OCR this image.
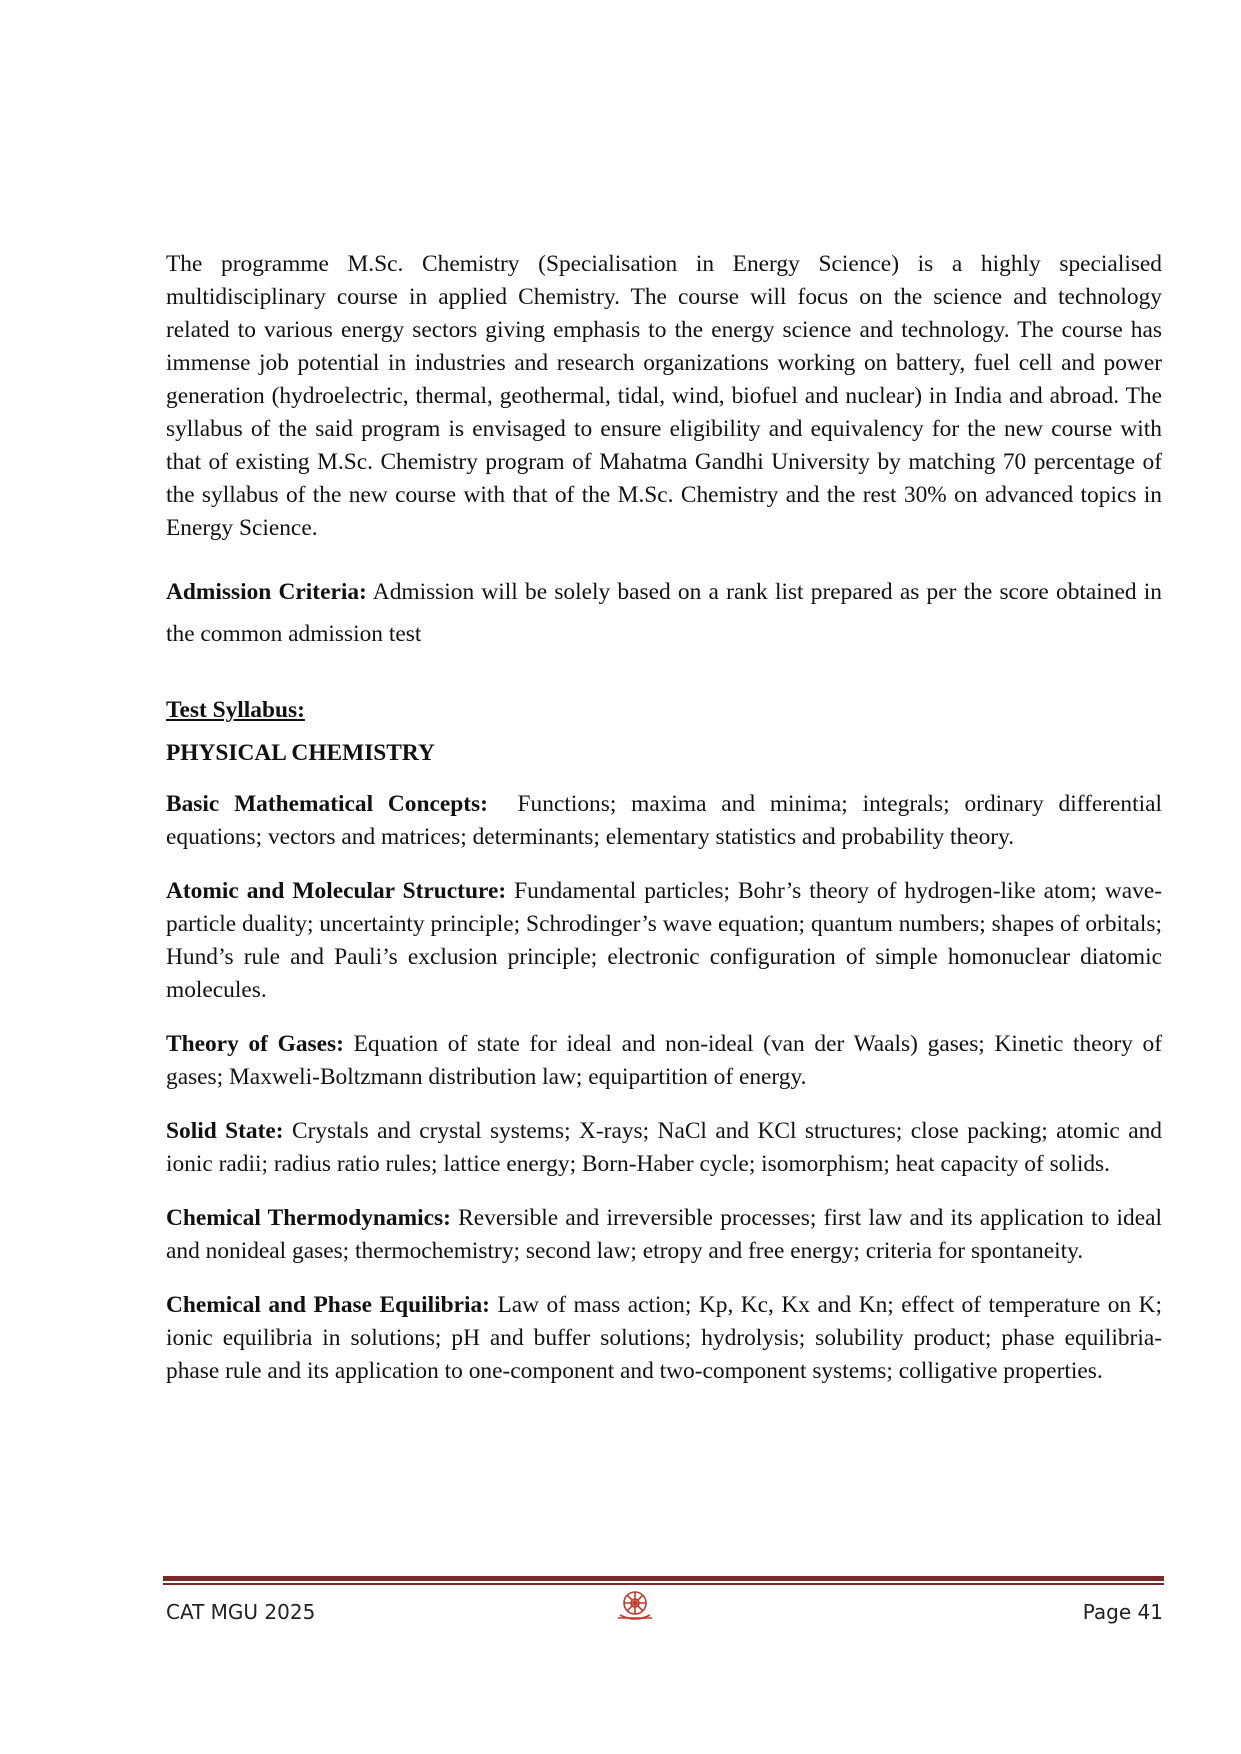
The programme M.Sc. Chemistry (Specialisation in Energy Science) is a highly specialised multidisciplinary course in applied Chemistry. The course will focus on the science and technology related to various energy sectors giving emphasis to the energy science and technology. The course has immense job potential in industries and research organizations working on battery, fuel cell and power generation (hydroelectric, thermal, geothermal, tidal, wind, biofuel and nuclear) in India and abroad. The syllabus of the said program is envisaged to ensure eligibility and equivalency for the new course with that of existing M.Sc. Chemistry program of Mahatma Gandhi University by matching 70 percentage of the syllabus of the new course with that of the M.Sc. Chemistry and the rest 30% on advanced topics in Energy Science.

Admission Criteria: Admission will be solely based on a rank list prepared as per the score obtained in the common admission test

Test Syllabus:

PHYSICAL CHEMISTRY

Basic Mathematical Concepts: Functions; maxima and minima; integrals; ordinary differential equations; vectors and matrices; determinants; elementary statistics and probability theory.

Atomic and Molecular Structure: Fundamental particles; Bohr’s theory of hydrogen-like atom; wave-particle duality; uncertainty principle; Schrodinger’s wave equation; quantum numbers; shapes of orbitals; Hund’s rule and Pauli’s exclusion principle; electronic configuration of simple homonuclear diatomic molecules.

Theory of Gases: Equation of state for ideal and non-ideal (van der Waals) gases; Kinetic theory of gases; Maxweli-Boltzmann distribution law; equipartition of energy.

Solid State: Crystals and crystal systems; X-rays; NaCl and KCl structures; close packing; atomic and ionic radii; radius ratio rules; lattice energy; Born-Haber cycle; isomorphism; heat capacity of solids.

Chemical Thermodynamics: Reversible and irreversible processes; first law and its application to ideal and nonideal gases; thermochemistry; second law; etropy and free energy; criteria for spontaneity.

Chemical and Phase Equilibria: Law of mass action; Kp, Kc, Kx and Kn; effect of temperature on K; ionic equilibria in solutions; pH and buffer solutions; hydrolysis; solubility product; phase equilibria-phase rule and its application to one-component and two-component systems; colligative properties.

CAT MGU 2025	Page 41
